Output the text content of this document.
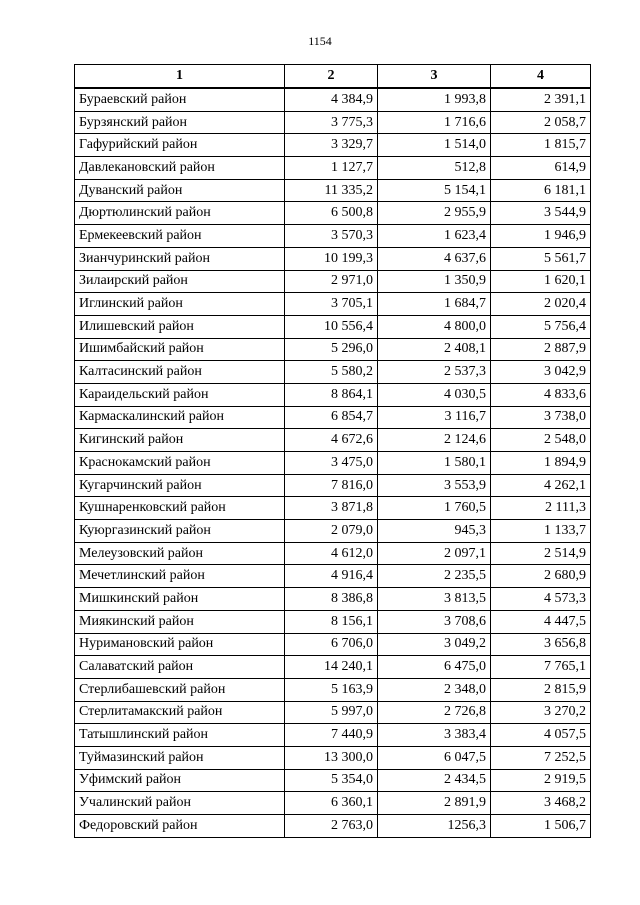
1154
1	2	3	4
Бураевский район	4 384,9	1 993,8	2 391,1
Бурзянский район	3 775,3	1 716,6	2 058,7
Гафурийский район	3 329,7	1 514,0	1 815,7
Давлекановский район	1 127,7	512,8	614,9
Дуванский район	11 335,2	5 154,1	6 181,1
Дюртюлинский район	6 500,8	2 955,9	3 544,9
Ермекеевский район	3 570,3	1 623,4	1 946,9
Зианчуринский район	10 199,3	4 637,6	5 561,7
Зилаирский район	2 971,0	1 350,9	1 620,1
Иглинский район	3 705,1	1 684,7	2 020,4
Илишевский район	10 556,4	4 800,0	5 756,4
Ишимбайский район	5 296,0	2 408,1	2 887,9
Калтасинский район	5 580,2	2 537,3	3 042,9
Караидельский район	8 864,1	4 030,5	4 833,6
Кармаскалинский район	6 854,7	3 116,7	3 738,0
Кигинский район	4 672,6	2 124,6	2 548,0
Краснокамский район	3 475,0	1 580,1	1 894,9
Кугарчинский район	7 816,0	3 553,9	4 262,1
Кушнаренковский район	3 871,8	1 760,5	2 111,3
Куюргазинский район	2 079,0	945,3	1 133,7
Мелеузовский район	4 612,0	2 097,1	2 514,9
Мечетлинский район	4 916,4	2 235,5	2 680,9
Мишкинский район	8 386,8	3 813,5	4 573,3
Миякинский район	8 156,1	3 708,6	4 447,5
Нуримановский район	6 706,0	3 049,2	3 656,8
Салаватский район	14 240,1	6 475,0	7 765,1
Стерлибашевский район	5 163,9	2 348,0	2 815,9
Стерлитамакский район	5 997,0	2 726,8	3 270,2
Татышлинский район	7 440,9	3 383,4	4 057,5
Туймазинский район	13 300,0	6 047,5	7 252,5
Уфимский район	5 354,0	2 434,5	2 919,5
Учалинский район	6 360,1	2 891,9	3 468,2
Федоровский район	2 763,0	1256,3	1 506,7
